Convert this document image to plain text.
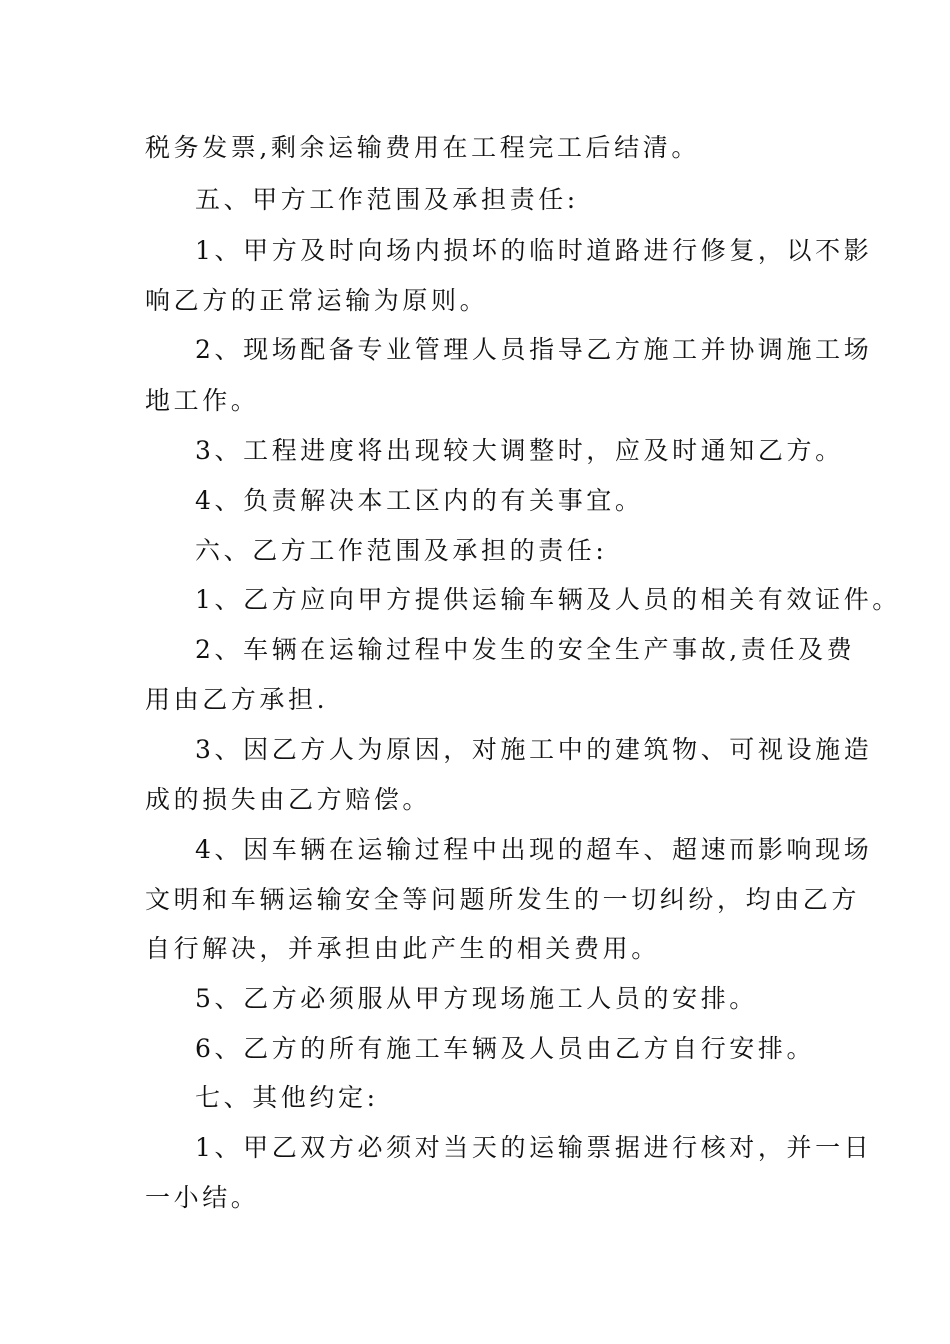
税务发票,剩余运输费用在工程完工后结清。
五、甲方工作范围及承担责任:
1、甲方及时向场内损坏的临时道路进行修复，以不影
响乙方的正常运输为原则。
2、现场配备专业管理人员指导乙方施工并协调施工场
地工作。
3、工程进度将出现较大调整时，应及时通知乙方。
4、负责解决本工区内的有关事宜。
六、乙方工作范围及承担的责任:
1、乙方应向甲方提供运输车辆及人员的相关有效证件。
2、车辆在运输过程中发生的安全生产事故,责任及费
用由乙方承担.
3、因乙方人为原因，对施工中的建筑物、可视设施造
成的损失由乙方赔偿。
4、因车辆在运输过程中出现的超车、超速而影响现场
文明和车辆运输安全等问题所发生的一切纠纷，均由乙方
自行解决，并承担由此产生的相关费用。
5、乙方必须服从甲方现场施工人员的安排。
6、乙方的所有施工车辆及人员由乙方自行安排。
七、其他约定:
1、甲乙双方必须对当天的运输票据进行核对，并一日
一小结。
